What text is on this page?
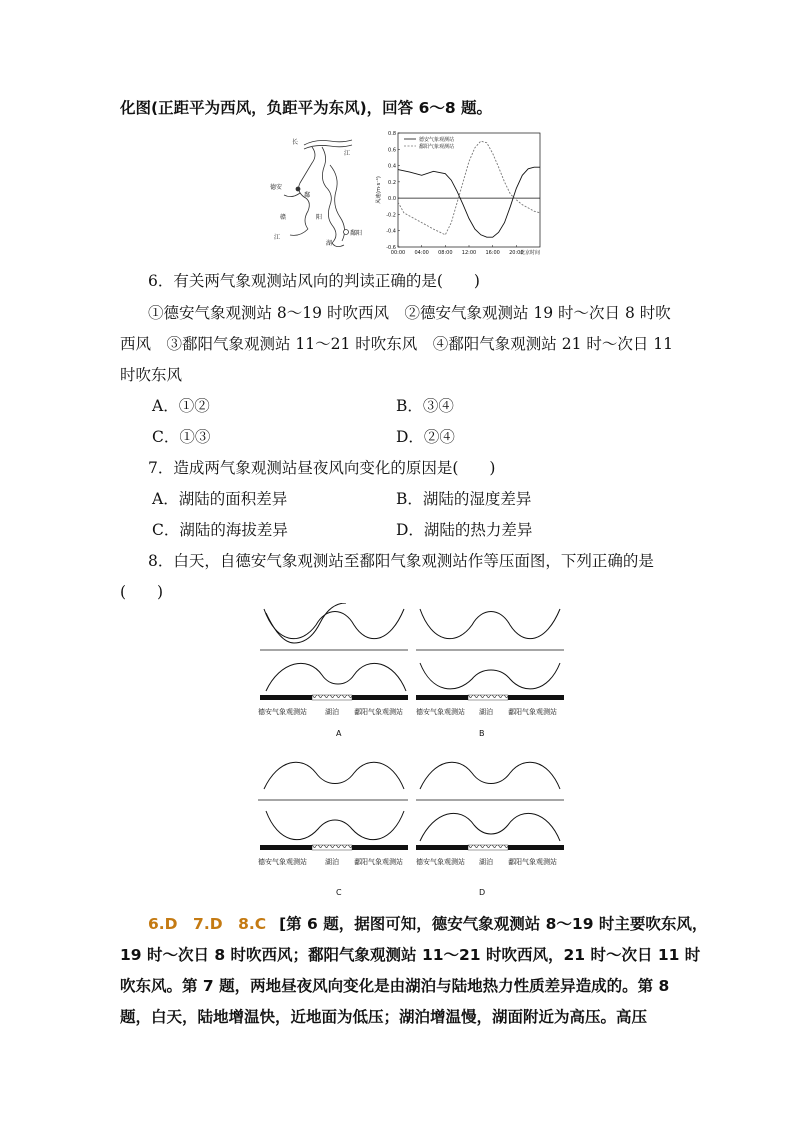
化图(正距平为西风，负距平为东风)，回答 6～8 题。
长
江
德安
鄱
赣	阳
江
湖
鄱阳
0.8
0.6
0.4
0.2
0.0
-0.2
-0.4
-0.6
00:00 04:00 08:00 12:00 16:00 20:00
北京时间
风速(m·s⁻¹)
德安气象观测站
鄱阳气象观测站
6．有关两气象观测站风向的判读正确的是(　　)
①德安气象观测站 8～19 时吹西风　②德安气象观测站 19 时～次日 8 时吹
西风　③鄱阳气象观测站 11～21 时吹东风　④鄱阳气象观测站 21 时～次日 11
时吹东风
A．①②	B．③④
C．①③	D．②④
7．造成两气象观测站昼夜风向变化的原因是(　　)
A．湖陆的面积差异	B．湖陆的湿度差异
C．湖陆的海拔差异	D．湖陆的热力差异
8．白天，自德安气象观测站至鄱阳气象观测站作等压面图，下列正确的是
(　　)
德安气象观测站	湖泊 鄱阳气象观测站 德安气象观测站 湖泊 鄱阳气象观测站
德安气象观测站	湖泊 鄱阳气象观测站 德安气象观测站 湖泊 鄱阳气象观测站
A	B
C	D
6.D　7.D　8.C [第 6 题，据图可知，德安气象观测站 8～19 时主要吹东风，
19 时～次日 8 时吹西风；鄱阳气象观测站 11～21 时吹西风，21 时～次日 11 时
吹东风。第 7 题，两地昼夜风向变化是由湖泊与陆地热力性质差异造成的。第 8
题，白天，陆地增温快，近地面为低压；湖泊增温慢，湖面附近为高压。高压
